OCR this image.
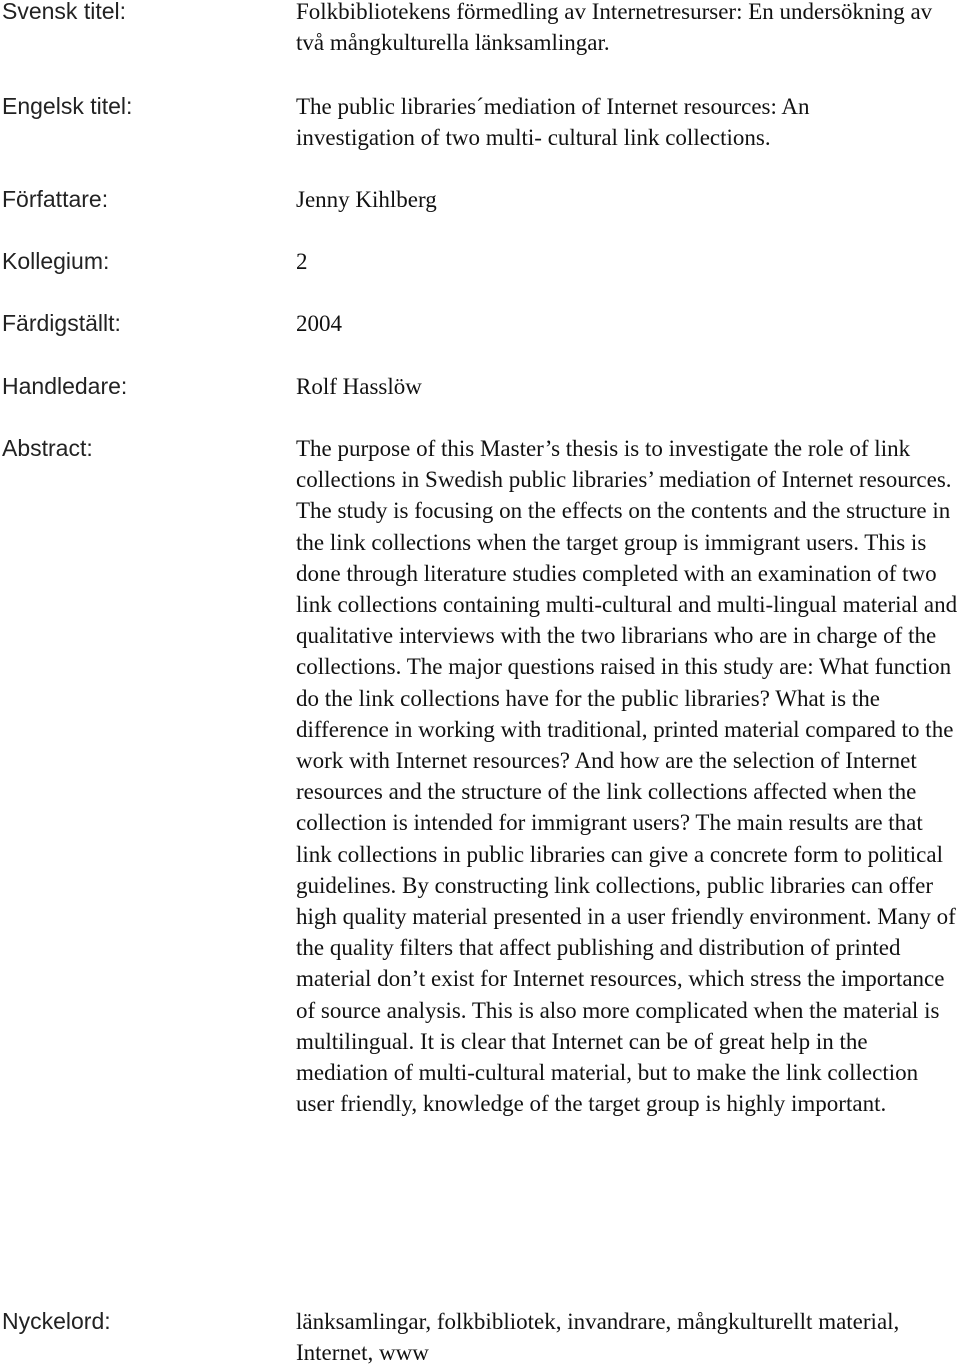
Svensk titel:	Folkbibliotekens förmedling av Internetresurser: En undersökning av två mångkulturella länksamlingar.
Engelsk titel:	The public libraries´mediation of Internet resources: An investigation of two multi- cultural link collections.
Författare:	Jenny Kihlberg
Kollegium:	2
Färdigställt:	2004
Handledare:	Rolf Hasslöw
Abstract:	The purpose of this Master’s thesis is to investigate the role of link collections in Swedish public libraries’ mediation of Internet resources. The study is focusing on the effects on the contents and the structure in the link collections when the target group is immigrant users. This is done through literature studies completed with an examination of two link collections containing multi-cultural and multi-lingual material and qualitative interviews with the two librarians who are in charge of the collections. The major questions raised in this study are: What function do the link collections have for the public libraries? What is the difference in working with traditional, printed material compared to the work with Internet resources? And how are the selection of Internet resources and the structure of the link collections affected when the collection is intended for immigrant users? The main results are that link collections in public libraries can give a concrete form to political guidelines. By constructing link collections, public libraries can offer high quality material presented in a user friendly environment. Many of the quality filters that affect publishing and distribution of printed material don’t exist for Internet resources, which stress the importance of source analysis. This is also more complicated when the material is multilingual. It is clear that Internet can be of great help in the mediation of multi-cultural material, but to make the link collection user friendly, knowledge of the target group is highly important.

Nyckelord:	länksamlingar, folkbibliotek, invandrare, mångkulturellt material, Internet, www
